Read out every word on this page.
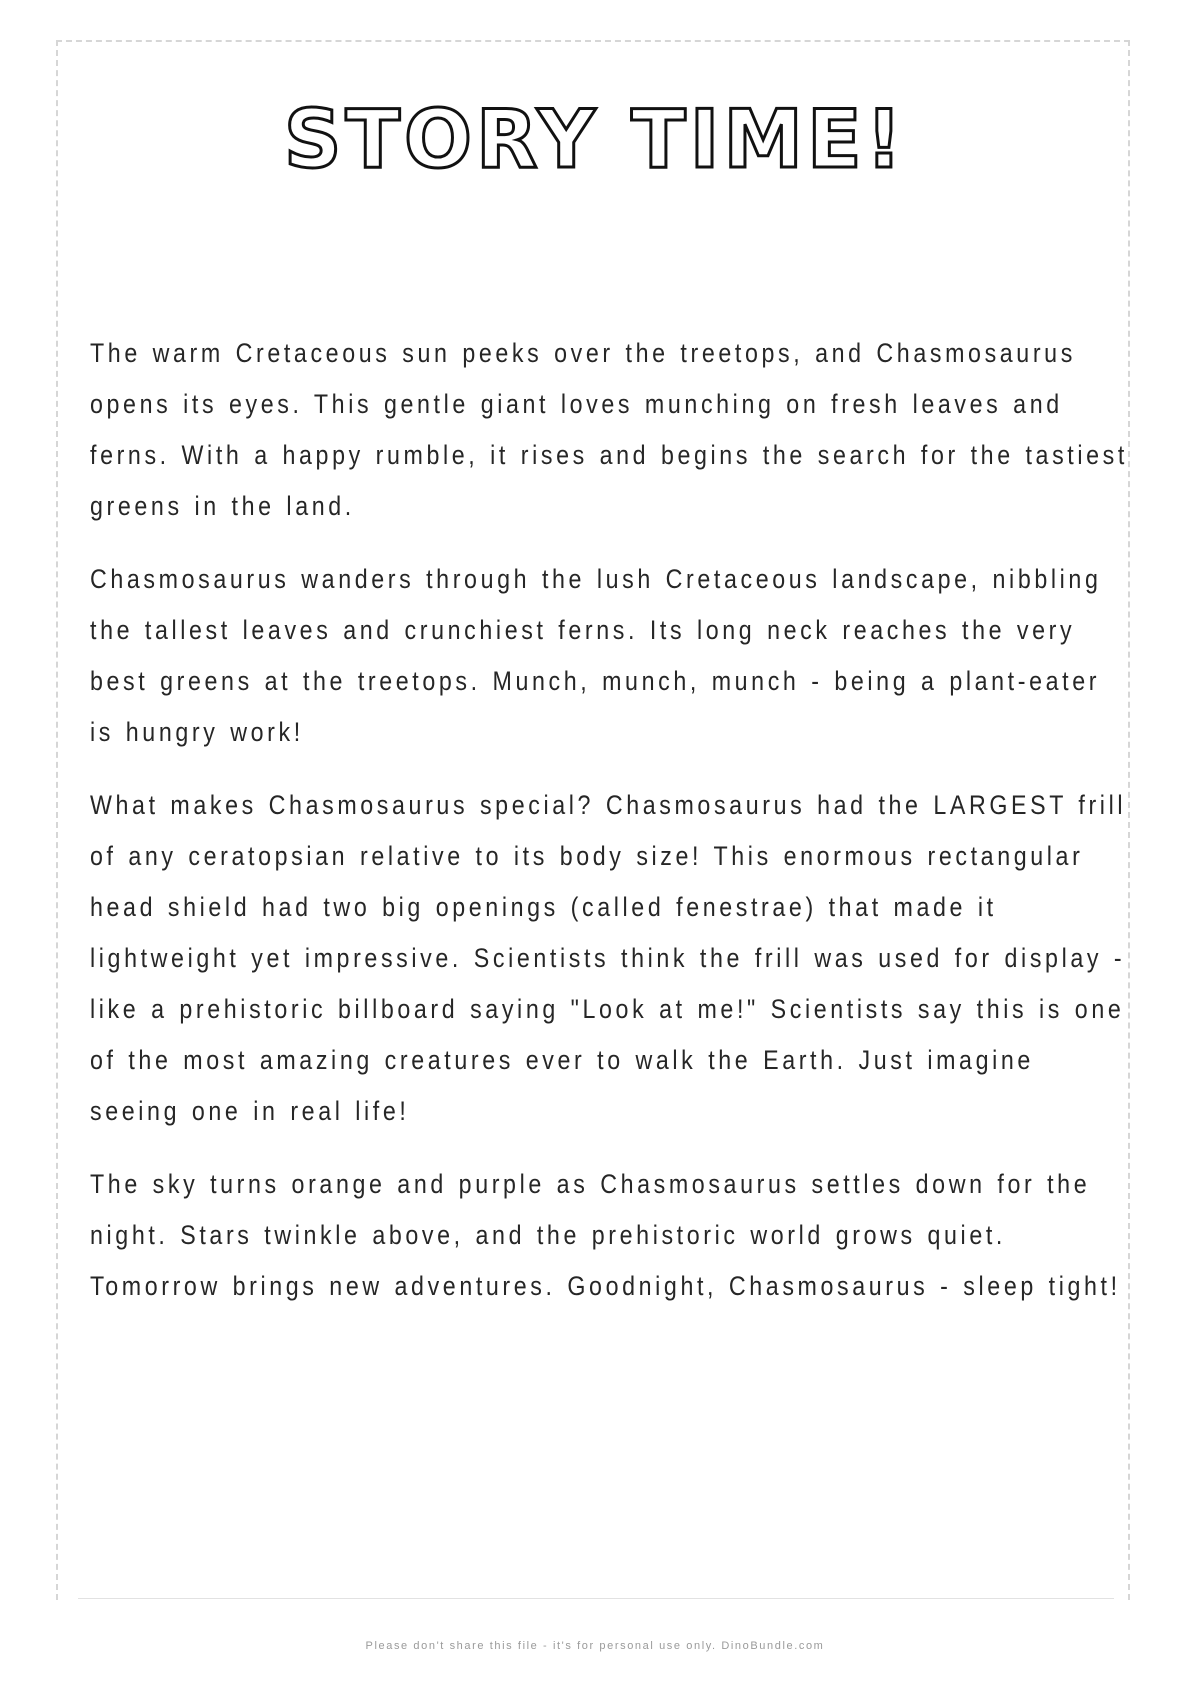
STORY TIME!

The warm Cretaceous sun peeks over the treetops, and Chasmosaurus opens its eyes. This gentle giant loves munching on fresh leaves and ferns. With a happy rumble, it rises and begins the search for the tastiest greens in the land.

Chasmosaurus wanders through the lush Cretaceous landscape, nibbling the tallest leaves and crunchiest ferns. Its long neck reaches the very best greens at the treetops. Munch, munch, munch - being a plant-eater is hungry work!

What makes Chasmosaurus special? Chasmosaurus had the LARGEST frill of any ceratopsian relative to its body size! This enormous rectangular head shield had two big openings (called fenestrae) that made it lightweight yet impressive. Scientists think the frill was used for display - like a prehistoric billboard saying "Look at me!" Scientists say this is one of the most amazing creatures ever to walk the Earth. Just imagine seeing one in real life!

The sky turns orange and purple as Chasmosaurus settles down for the night. Stars twinkle above, and the prehistoric world grows quiet. Tomorrow brings new adventures. Goodnight, Chasmosaurus - sleep tight!

Please don't share this file - it's for personal use only. DinoBundle.com
